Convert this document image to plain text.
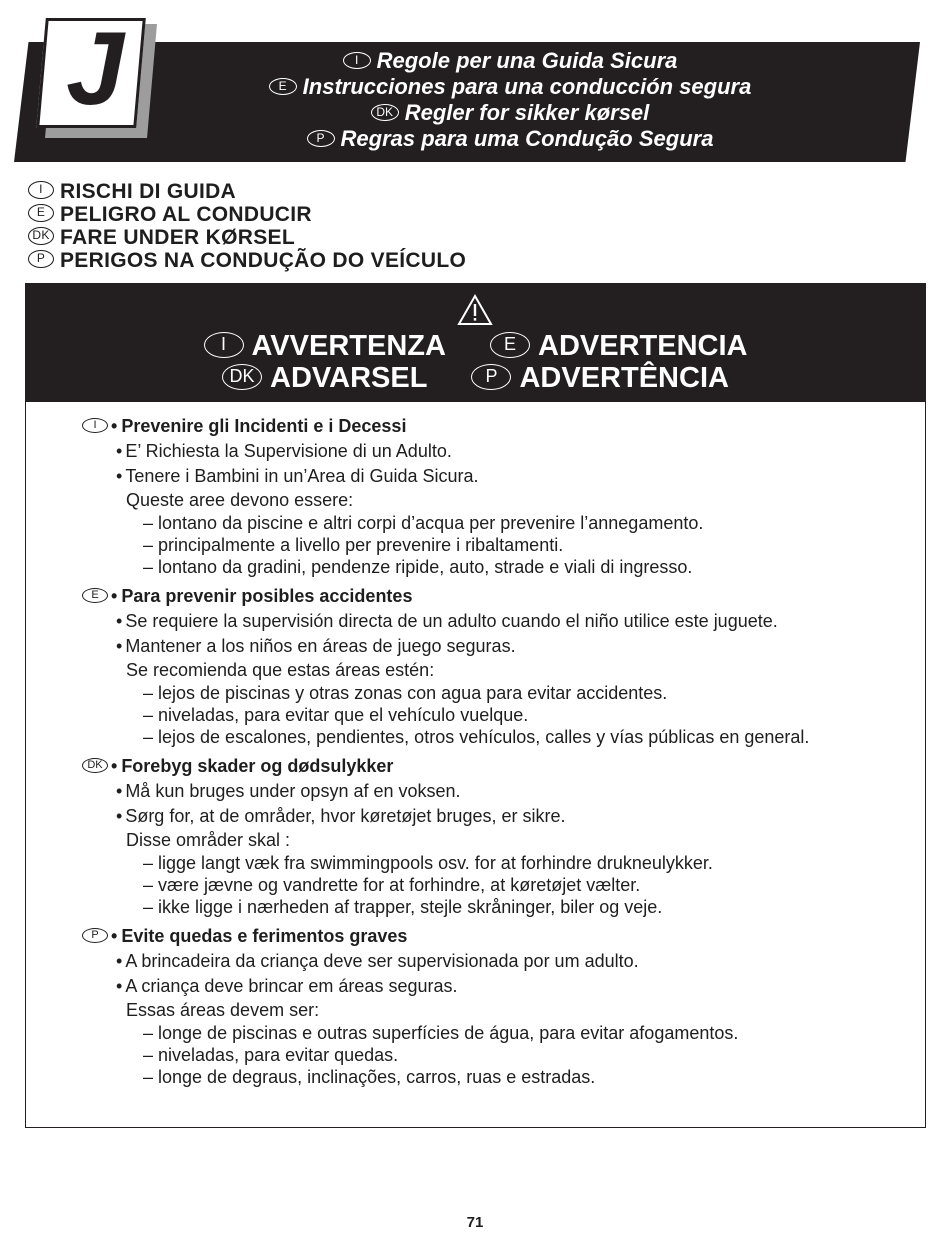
J	I Regole per una Guida Sicura
E Instrucciones para una conducción segura
DK Regler for sikker kørsel
P Regras para uma Condução Segura
I RISCHI DI GUIDA
E PELIGRO AL CONDUCIR
DK FARE UNDER KØRSEL
P PERIGOS NA CONDUÇÃO DO VEÍCULO
I AVVERTENZA	E ADVERTENCIA
DK ADVARSEL	P ADVERTÊNCIA
I • Prevenire gli Incidenti e i Decessi
• E’ Richiesta la Supervisione di un Adulto.
• Tenere i Bambini in un’Area di Guida Sicura.
Queste aree devono essere:
– lontano da piscine e altri corpi d’acqua per prevenire l’annegamento.
– principalmente a livello per prevenire i ribaltamenti.
– lontano da gradini, pendenze ripide, auto, strade e viali di ingresso.
E • Para prevenir posibles accidentes
• Se requiere la supervisión directa de un adulto cuando el niño utilice este juguete.
• Mantener a los niños en áreas de juego seguras.
Se recomienda que estas áreas estén:
– lejos de piscinas y otras zonas con agua para evitar accidentes.
– niveladas, para evitar que el vehículo vuelque.
– lejos de escalones, pendientes, otros vehículos, calles y vías públicas en general.
DK • Forebyg skader og dødsulykker
• Må kun bruges under opsyn af en voksen.
• Sørg for, at de områder, hvor køretøjet bruges, er sikre.
Disse områder skal :
– ligge langt væk fra swimmingpools osv. for at forhindre drukneulykker.
– være jævne og vandrette for at forhindre, at køretøjet vælter.
– ikke ligge i nærheden af trapper, stejle skråninger, biler og veje.
P • Evite quedas e ferimentos graves
• A brincadeira da criança deve ser supervisionada por um adulto.
• A criança deve brincar em áreas seguras.
Essas áreas devem ser:
– longe de piscinas e outras superfícies de água, para evitar afogamentos.
– niveladas, para evitar quedas.
– longe de degraus, inclinações, carros, ruas e estradas.
71
